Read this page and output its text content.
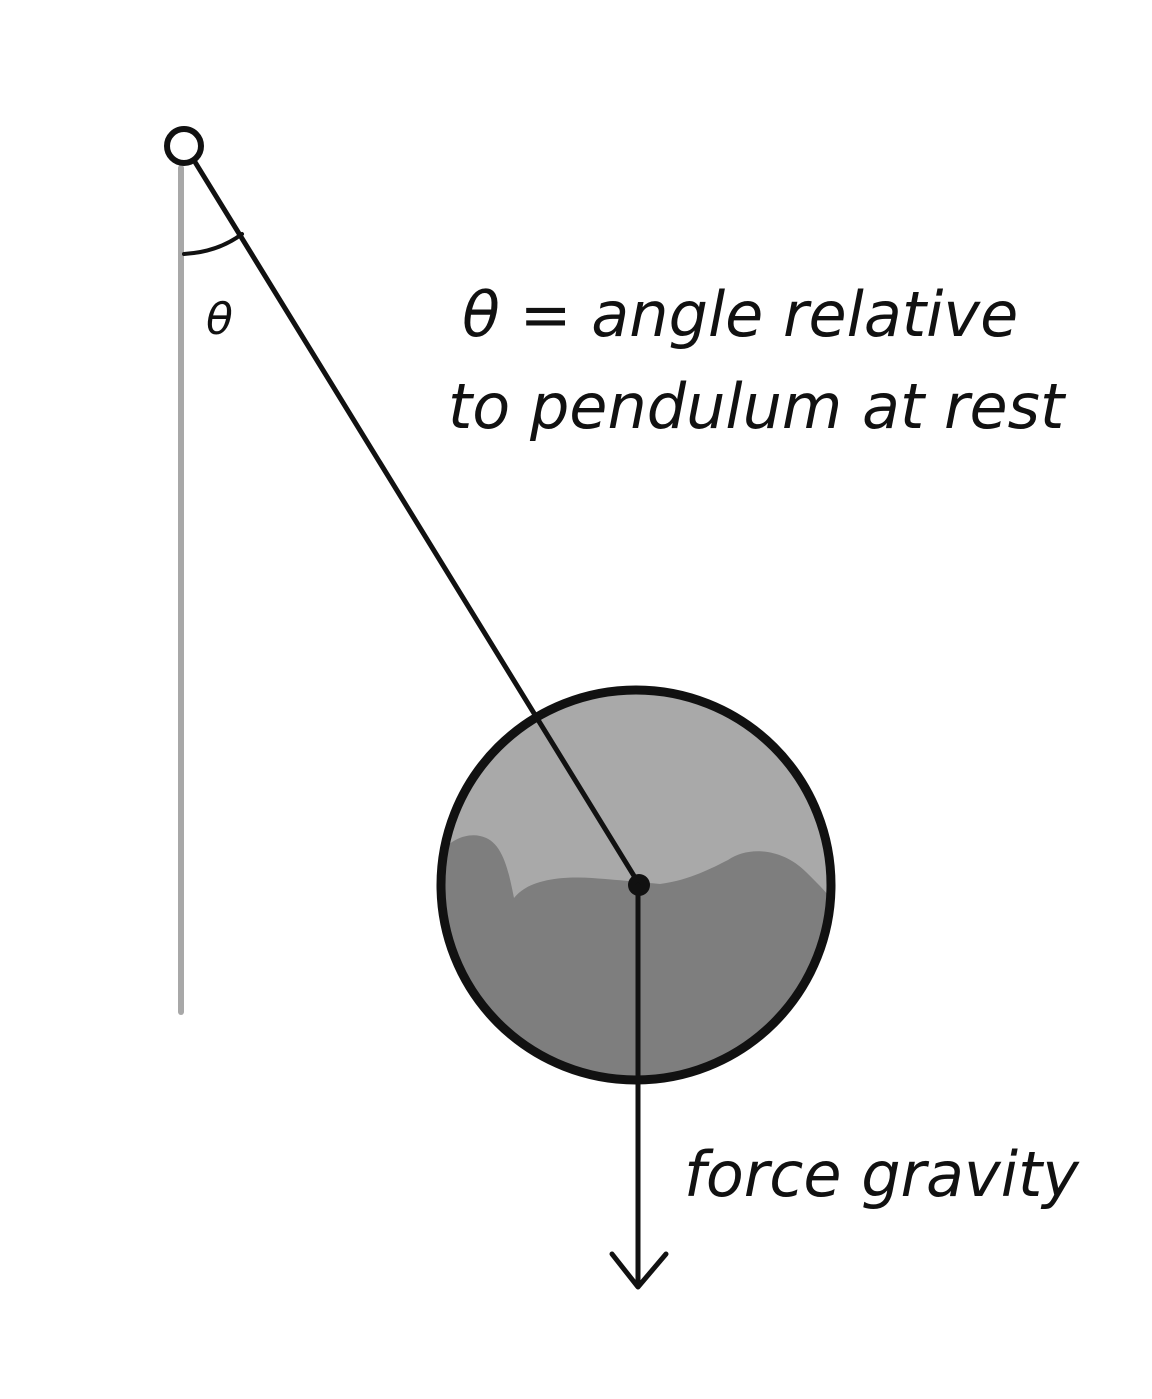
θ	θ = angle relative
to pendulum at rest
force gravity
